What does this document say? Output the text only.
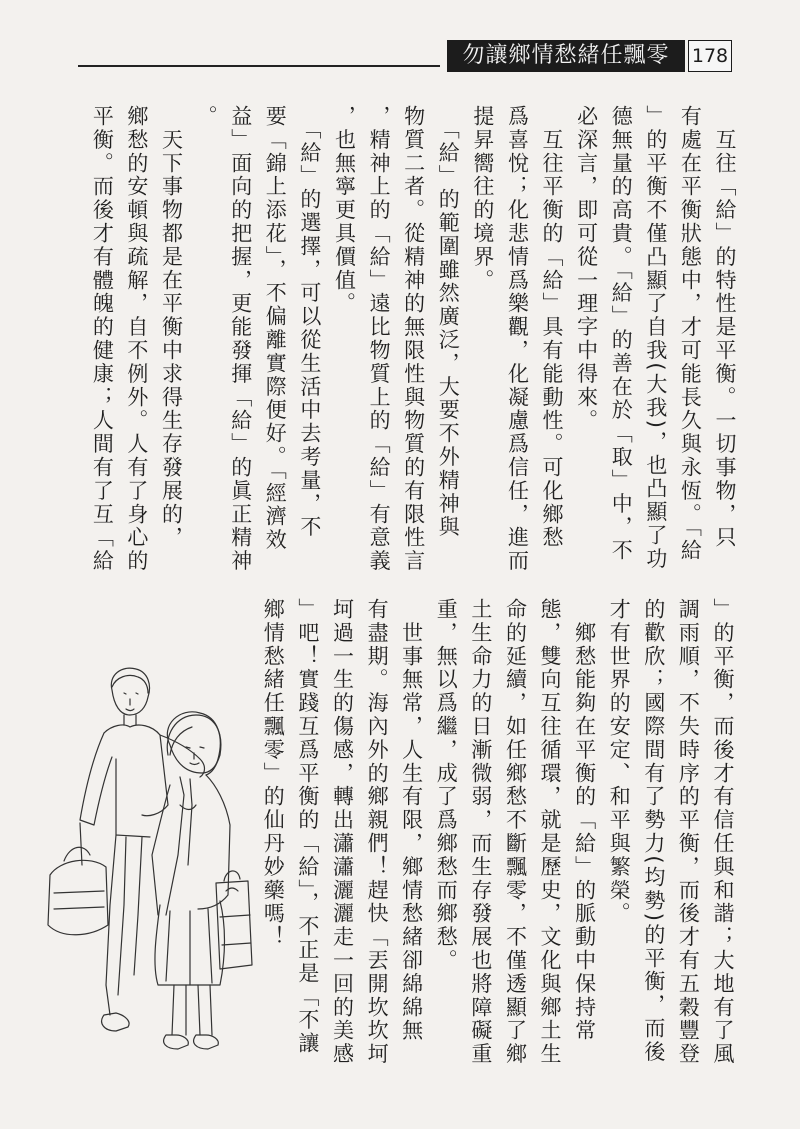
勿讓鄉情愁緒任飄零	178

　互往「給」的特性是平衡。一切事物，只

有處在平衡狀態中，才可能長久與永恆。「給

」的平衡不僅凸顯了自我(大我)，也凸顯了功

德無量的高貴。「給」的善在於「取」中，不

必深言，即可從一理字中得來。

　互往平衡的「給」具有能動性。可化鄉愁

爲喜悅；化悲情爲樂觀，化凝慮爲信任，進而

提昇嚮往的境界。

　「給」的範圍雖然廣泛，大要不外精神與

物質二者。從精神的無限性與物質的有限性言

，精神上的「給」遠比物質上的「給」有意義

，也無寧更具價值。

　「給」的選擇，可以從生活中去考量，不

要「錦上添花」，不偏離實際便好。「經濟效

益」面向的把握，更能發揮「給」的眞正精神

。

　天下事物都是在平衡中求得生存發展的，

鄉愁的安頓與疏解，自不例外。人有了身心的

平衡。而後才有體魄的健康；人間有了互「給

」的平衡，而後才有信任與和諧；大地有了風

調雨順，不失時序的平衡，而後才有五穀豐登

的歡欣；國際間有了勢力(均勢)的平衡，而後

才有世界的安定、和平與繁榮。

　鄉愁能夠在平衡的「給」的脈動中保持常

態，雙向互往循環，就是歷史，文化與鄉土生

命的延續，如任鄉愁不斷飄零，不僅透顯了鄉

土生命力的日漸微弱，而生存發展也將障礙重

重，無以爲繼，成了爲鄉愁而鄉愁。

　世事無常，人生有限，鄉情愁緒卻綿綿無

有盡期。海內外的鄉親們！趕快「丟開坎坎坷

坷過一生的傷感，轉出瀟瀟灑灑走一回的美感

」吧！實踐互爲平衡的「給」，不正是「不讓

鄉情愁緒任飄零」的仙丹妙藥嗎！
